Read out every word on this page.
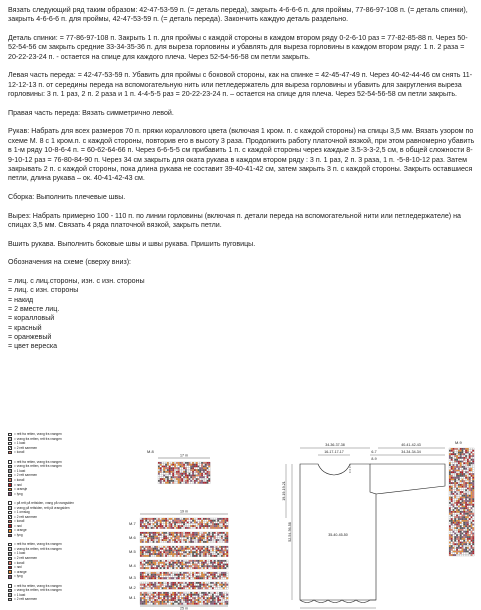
Вязать следующий ряд таким образом: 42-47-53-59 п. (= деталь переда), закрыть 4-6-6-6 п. для проймы, 77-86-97-108 п. (= деталь спинки), закрыть 4-6-6-6 п. для проймы, 42-47-53-59 п. (= деталь переда). Закончить каждую деталь раздельно.

Деталь спинки: = 77-86-97-108 п. Закрыть 1 п. для проймы с каждой стороны в каждом втором ряду 0-2-6-10 раз = 77-82-85-88 п. Через 50-52-54-56 см закрыть средние 33-34-35-36 п. для выреза горловины и убавлять для выреза горловины в каждом втором ряду: 1 п. 2 раза = 20-22-23-24 п. - остается на спице для каждого плеча. Через 52-54-56-58 см петли закрыть.

Левая часть переда: = 42-47-53-59 п. Убавить для проймы с боковой стороны, как на спинке = 42-45-47-49 п. Через 40-42-44-46 см снять 11-12-12-13 п. от середины переда на вспомогательную нить или петледержатель для выреза горловины и убавить для закругления выреза горловины: 3 п. 1 раз, 2 п. 2 раза и 1 п. 4-4-5-5 раз = 20-22-23-24 п. – остается на спице для плеча. Через 52-54-56-58 см петли закрыть.

Правая часть переда: Вязать симметрично левой.

Рукав: Набрать для всех размеров 70 п. пряжи кораллового цвета (включая 1 кром. п. с каждой стороны) на спицы 3,5 мм. Вязать узором по схеме М. 8 с 1 кром.п. с каждой стороны, повторив его в высоту 3 раза. Продолжить работу платочной вязкой, при этом равномерно убавить в 1-м ряду 10-8-6-4 п. = 60-62-64-66 п. Через 6-6-5-5 см прибавить 1 п. с каждой стороны через каждые 3.5-3-3-2,5 см, в общей сложности 8-9-10-12 раз = 76-80-84-90 п. Через 34 см закрыть для оката рукава в каждом втором ряду : 3 п. 1 раз, 2 п. 3 раза, 1 п. -5-8-10-12 раз. Затем закрывать 2 п. с каждой стороны, пока длина рукава не составит 39-40-41-42 см, затем закрыть 3 п. с каждой стороны. Закрыть оставшиеся петли, длина рукава – ок. 40-41-42-43 см.

Сборка: Выполнить плечевые швы.

Вырез: Набрать примерно 100 - 110 п. по линии горловины (включая п. детали переда на вспомогательной нити или петледержателе) на спицах 3,5 мм. Связать 4 ряда платочной вязкой, закрыть петли.

Вшить рукава. Выполнить боковые швы и швы рукава. Пришить пуговицы.

Обозначения на схеме (сверху вниз):

= лиц. с лиц.стороны, изн. с изн. стороны
= лиц. с изн. стороны
= накид
= 2 вместе лиц.
= коралловый
= красный
= оранжевый
= цвет вереска
= rett fra retten, vrang fra vrangen
= vrang fra retten, rett fra vrangen
= 1 kast
= 2 rett sammen
= korall
= rett fra retten, vrang fra vrangen
= vrang fra retten, rett fra vrangen
= 1 kast
= 2 rett sammen
= korall
= rød
= oransje
= lyng
= på rett på rettsiden, vrang på vrangsiden
= vrang på rettsiden, rett på vrangsiden
= 1 omslag
= 2 rett sammen
= korall
= rød
= orange
= lyng
= rett fra retten, vrang fra vrangen
= vrang fra retten, rett fra vrangen
= 1 kast
= 2 rett sammen
= korall
= rød
= orange
= lyng
= rett fra retten, vrang fra vrangen
= vrang fra retten, rett fra vrangen
= 1 kast
= 2 rett sammen
17 m
19 m
25 m
M.8
M.7
M.6
M.5
M.4
M.3
M.2
M.1
M.9
34-36-37-38
16-17-17-17	6-7
40-41-42-43
34-34-34-34
8-9
52-54-56-58
19-19-19-21
35-40-45-50
